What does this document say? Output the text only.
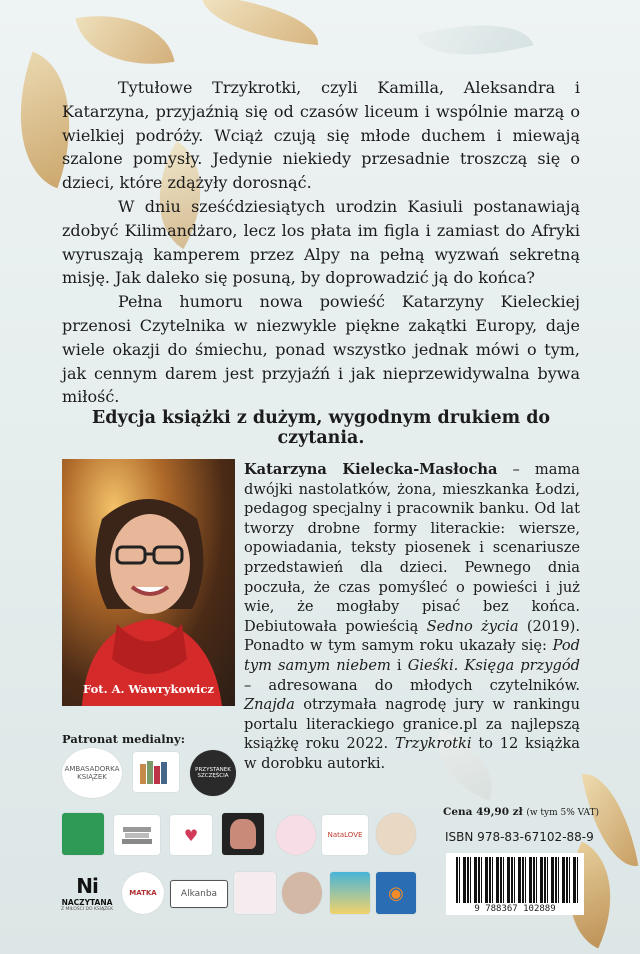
Tytułowe Trzykrotki, czyli Kamilla, Aleksandra i Katarzyna, przyjaźnią się od czasów liceum i wspólnie marzą o wielkiej podróży. Wciąż czują się młode duchem i miewają szalone pomysły. Jedynie niekiedy przesadnie troszczą się o dzieci, które zdążyły dorosnąć.

W dniu sześćdziesiątych urodzin Kasiuli postanawiają zdobyć Kilimandżaro, lecz los płata im figla i zamiast do Afryki wyruszają kamperem przez Alpy na pełną wyzwań sekretną misję. Jak daleko się posuną, by doprowadzić ją do końca?

Pełna humoru nowa powieść Katarzyny Kieleckiej przenosi Czytelnika w niezwykle piękne zakątki Europy, daje wiele okazji do śmiechu, ponad wszystko jednak mówi o tym, jak cennym darem jest przyjaźń i jak nieprzewidywalna bywa miłość.

Edycja książki z dużym, wygodnym drukiem do czytania.
Fot. A. Wawrykowicz
Katarzyna Kielecka-Masłocha – mama dwójki nastolatków, żona, mieszkanka Łodzi, pedagog specjalny i pracownik banku. Od lat tworzy drobne formy literackie: wiersze, opowiadania, teksty piosenek i scenariusze przedstawień dla dzieci. Pewnego dnia poczuła, że czas pomyśleć o powieści i już wie, że mogłaby pisać bez końca. Debiutowała powieścią Sedno życia (2019). Ponadto w tym samym roku ukazały się: Pod tym samym niebem i Gieśki. Księga przygód – adresowana do młodych czytelników. Znajda otrzymała nagrodę jury w rankingu portalu literackiego granice.pl za najlepszą książkę roku 2022. Trzykrotki to 12 książka w dorobku autorki.
Patronat medialny:
AMBASADORKA KSIĄŻEK
PRZYSTANEK SZCZĘŚCIA
♥	NataLOVE
Ni
NACZYTANA
Z MIŁOŚCI DO KSIĄŻEK
MATKA	Alkanba	◉
Cena 49,90 zł (w tym 5% VAT)
ISBN 978-83-67102-88-9
9 788367 102889
